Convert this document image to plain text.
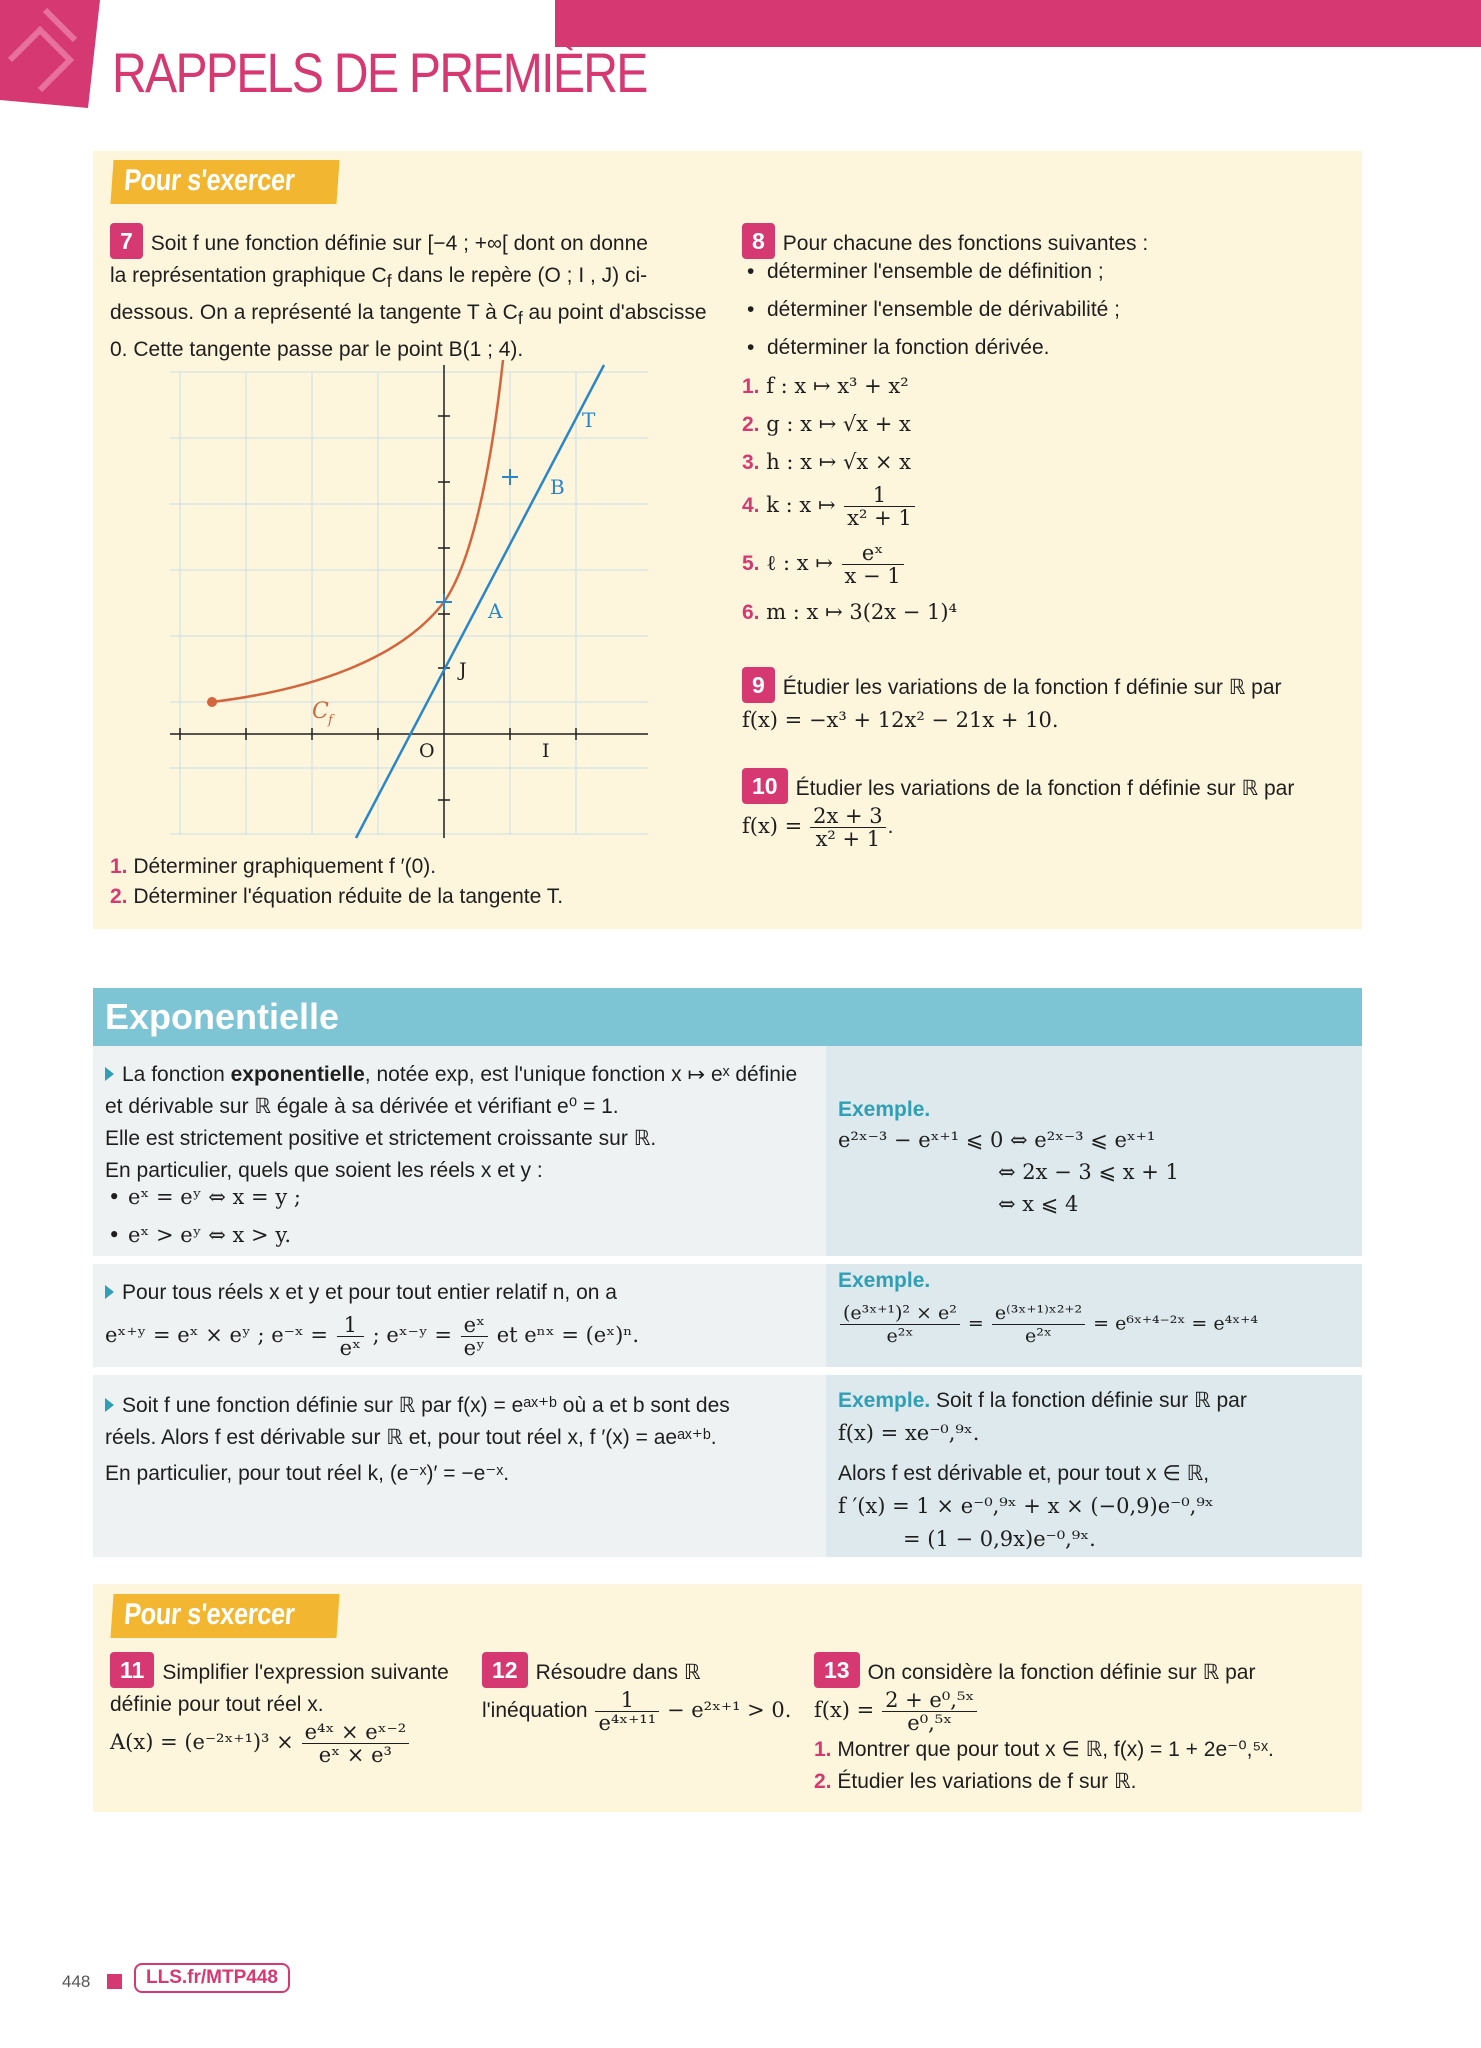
RAPPELS DE PREMIÈRE
Pour s'exercer
7 Soit f une fonction définie sur [−4 ; +∞[ dont on donne
la représentation graphique $C_f$ dans le repère (O ; I , J) ci-
dessous. On a représenté la tangente T à $C_f$ au point d'abscisse
0. Cette tangente passe par le point B(1 ; 4).
T
B
A
J
O	I
C f
1. Déterminer graphiquement f ′(0).
2. Déterminer l'équation réduite de la tangente T.
8 Pour chacune des fonctions suivantes :
• déterminer l'ensemble de définition ;
• déterminer l'ensemble de dérivabilité ;
• déterminer la fonction dérivée.
1. f : x ↦ x³ + x²
2. g : x ↦ √x + x
3. h : x ↦ √x × x
4. k : x ↦ $\frac{1}{\text{x² + 1}}$
5. ℓ : x ↦ $\frac{\text{eˣ}}{x - 1}$
6. m : x ↦ 3(2x − 1)⁴
9 Étudier les variations de la fonction f définie sur ℝ par
f(x) = −x³ + 12x² − 21x + 10.
10 Étudier les variations de la fonction f définie sur ℝ par
$f(x) = \frac{2x + 3}{\text{x² + 1}}$ .
Exponentielle
La fonction exponentielle, notée exp, est l'unique fonction x ↦ eˣ définie
et dérivable sur ℝ égale à sa dérivée et vérifiant e⁰ = 1.
Elle est strictement positive et strictement croissante sur ℝ.
En particulier, quels que soient les réels x et y :
• eˣ = eʸ ⇔ x = y ;
• eˣ > eʸ ⇔ x > y.
Exemple.
e²ˣ⁻³ − eˣ⁺¹ ⩽ 0 ⇔ e²ˣ⁻³ ⩽ eˣ⁺¹
⇔ 2x − 3 ⩽ x + 1
⇔ x ⩽ 4
Pour tous réels x et y et pour tout entier relatif n, on a
eˣ⁺ʸ = eˣ × eʸ ; e⁻ˣ = $\frac{1}{\text{eˣ}}$ ; eˣ⁻ʸ = $\frac{\text{eˣ}}{\text{eʸ}}$ et eⁿˣ = (eˣ)ⁿ.
Exemple.
$\frac{\text{(e³ˣ⁺¹)² × e²}}{\text{e²ˣ}} = \frac{\text{e⁽³ˣ⁺¹⁾ˣ²⁺²}}{\text{e²ˣ}}$ = e⁶ˣ⁺⁴⁻²ˣ = e⁴ˣ⁺⁴
Soit f une fonction définie sur ℝ par f(x) = eᵃˣ⁺ᵇ où a et b sont des
réels. Alors f est dérivable sur ℝ et, pour tout réel x, f ′(x) = aeᵃˣ⁺ᵇ.
En particulier, pour tout réel k, (e⁻ˣ)′ = −e⁻ˣ.
Exemple. Soit f la fonction définie sur ℝ par
f(x) = xe⁻⁰,⁹ˣ.
Alors f est dérivable et, pour tout x ∈ ℝ,
f ′(x) = 1 × e⁻⁰,⁹ˣ + x × (−0,9)e⁻⁰,⁹ˣ
= (1 − 0,9x)e⁻⁰,⁹ˣ.
Pour s'exercer
11 Simplifier l'expression suivante
définie pour tout réel x.
A(x) = (e⁻²ˣ⁺¹)³ × $\frac{\text{e⁴ˣ × eˣ⁻²}}{\text{eˣ × e³}}$
12 Résoudre dans ℝ
l'inéquation $\frac{1}{\text{e⁴ˣ⁺¹¹}}$ − e²ˣ⁺¹ > 0.
13 On considère la fonction définie sur ℝ par
$f(x) = \frac{\text{2 + e⁰,⁵ˣ}}{\text{e⁰,⁵ˣ}}$

1. Montrer que pour tout x ∈ ℝ, f(x) = 1 + 2e⁻⁰,⁵ˣ.
2. Étudier les variations de f sur ℝ.
448	LLS.fr/MTP448
